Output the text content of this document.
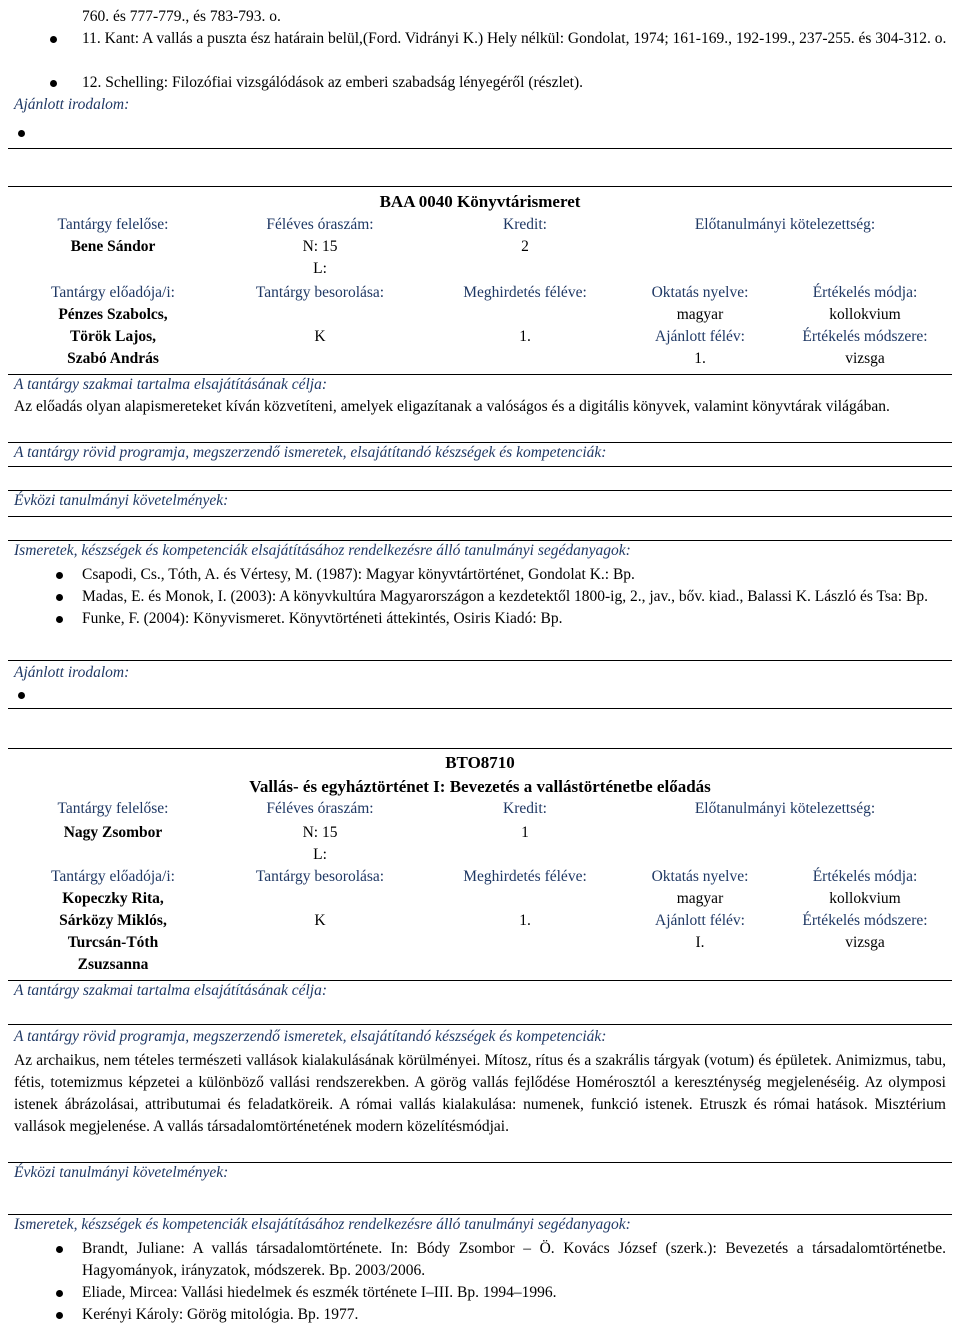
760. és 777-779., és 783-793. o.
11. Kant: A vallás a puszta ész határain belül,(Ford. Vidrányi K.) Hely nélkül: Gondolat, 1974; 161-169., 192-199., 237-255. és 304-312. o.
12. Schelling: Filozófiai vizsgálódások az emberi szabadság lényegéről (részlet).
Ajánlott irodalom:
BAA 0040 Könyvtárismeret
Tantárgy felelőse:
Bene Sándor
Féléves óraszám:
N: 15
L:
Kredit:
2
Előtanulmányi kötelezettség:
Tantárgy előadója/i:
Pénzes Szabolcs,
Török Lajos,
Szabó András
Tantárgy besorolása:
K
Meghirdetés féléve:
1.
Oktatás nyelve:
magyar
Ajánlott félév:
1.
Értékelés módja:
kollokvium
Értékelés módszere:
vizsga
A tantárgy szakmai tartalma elsajátításának célja:
Az előadás olyan alapismereteket kíván közvetíteni, amelyek eligazítanak a valóságos és a digitális könyvek, valamint könyvtárak világában.
A tantárgy rövid programja, megszerzendő ismeretek, elsajátítandó készségek és kompetenciák:
Évközi tanulmányi követelmények:
Ismeretek, készségek és kompetenciák elsajátításához rendelkezésre álló tanulmányi segédanyagok:
Csapodi, Cs., Tóth, A. és Vértesy, M. (1987): Magyar könyvtártörténet, Gondolat K.: Bp.
Madas, E. és Monok, I. (2003): A könyvkultúra Magyarországon a kezdetektől 1800-ig, 2., jav., bőv. kiad., Balassi K. László és Tsa: Bp.
Funke, F. (2004): Könyvismeret. Könyvtörténeti áttekintés, Osiris Kiadó: Bp.
Ajánlott irodalom:
BTO8710
Vallás- és egyháztörténet I: Bevezetés a vallástörténetbe előadás
Tantárgy felelőse:
Nagy Zsombor
Féléves óraszám:
N: 15
L:
Kredit:
1
Előtanulmányi kötelezettség:
Tantárgy előadója/i:
Kopeczky Rita,
Sárközy Miklós,
Turcsán-Tóth
Zsuzsanna
Tantárgy besorolása:
K
Meghirdetés féléve:
1.
Oktatás nyelve:
magyar
Ajánlott félév:
I.
Értékelés módja:
kollokvium
Értékelés módszere:
vizsga
A tantárgy szakmai tartalma elsajátításának célja:
A tantárgy rövid programja, megszerzendő ismeretek, elsajátítandó készségek és kompetenciák:
Az archaikus, nem tételes természeti vallások kialakulásának körülményei. Mítosz, rítus és a szakrális tárgyak (votum) és épületek. Animizmus, tabu, fétis, totemizmus képzetei a különböző vallási rendszerekben. A görög vallás fejlődése Homérosztól a kereszténység megjelenéséig. Az olymposi istenek ábrázolásai, attributumai és feladatköreik. A római vallás kialakulása: numenek, funkció istenek. Etruszk és római hatások. Misztérium vallások megjelenése. A vallás társadalomtörténetének modern közelítésmódjai.
Évközi tanulmányi követelmények:
Ismeretek, készségek és kompetenciák elsajátításához rendelkezésre álló tanulmányi segédanyagok:
Brandt, Juliane: A vallás társadalomtörténete. In: Bódy Zsombor – Ö. Kovács József (szerk.): Bevezetés a társadalomtörténetbe. Hagyományok, irányzatok, módszerek. Bp. 2003/2006.
Eliade, Mircea: Vallási hiedelmek és eszmék története I–III. Bp. 1994–1996.
Kerényi Károly: Görög mitológia. Bp. 1977.
